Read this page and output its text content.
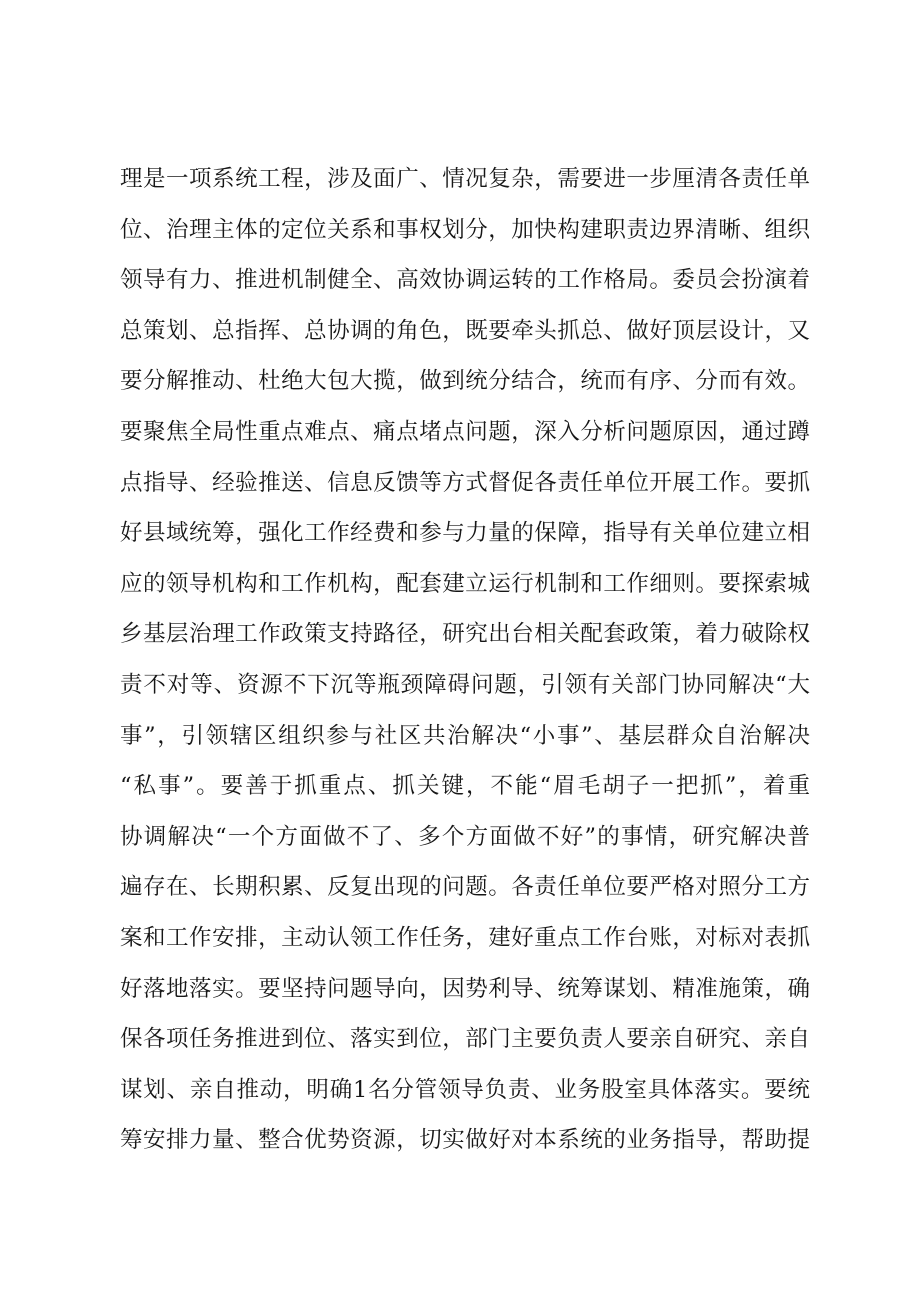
理是一项系统工程，涉及面广、情况复杂，需要进一步厘清各责任单
位、治理主体的定位关系和事权划分，加快构建职责边界清晰、组织
领导有力、推进机制健全、高效协调运转的工作格局。委员会扮演着
总策划、总指挥、总协调的角色，既要牵头抓总、做好顶层设计，又
要分解推动、杜绝大包大揽，做到统分结合，统而有序、分而有效。
要聚焦全局性重点难点、痛点堵点问题，深入分析问题原因，通过蹲
点指导、经验推送、信息反馈等方式督促各责任单位开展工作。要抓
好县域统筹，强化工作经费和参与力量的保障，指导有关单位建立相
应的领导机构和工作机构，配套建立运行机制和工作细则。要探索城
乡基层治理工作政策支持路径，研究出台相关配套政策，着力破除权
责不对等、资源不下沉等瓶颈障碍问题，引领有关部门协同解决“大
事”，引领辖区组织参与社区共治解决“小事”、基层群众自治解决
“私事”。要善于抓重点、抓关键，不能“眉毛胡子一把抓”，着重
协调解决“一个方面做不了、多个方面做不好”的事情，研究解决普
遍存在、长期积累、反复出现的问题。各责任单位要严格对照分工方
案和工作安排，主动认领工作任务，建好重点工作台账，对标对表抓
好落地落实。要坚持问题导向，因势利导、统筹谋划、精准施策，确
保各项任务推进到位、落实到位，部门主要负责人要亲自研究、亲自
谋划、亲自推动，明确1名分管领导负责、业务股室具体落实。要统
筹安排力量、整合优势资源，切实做好对本系统的业务指导，帮助提
